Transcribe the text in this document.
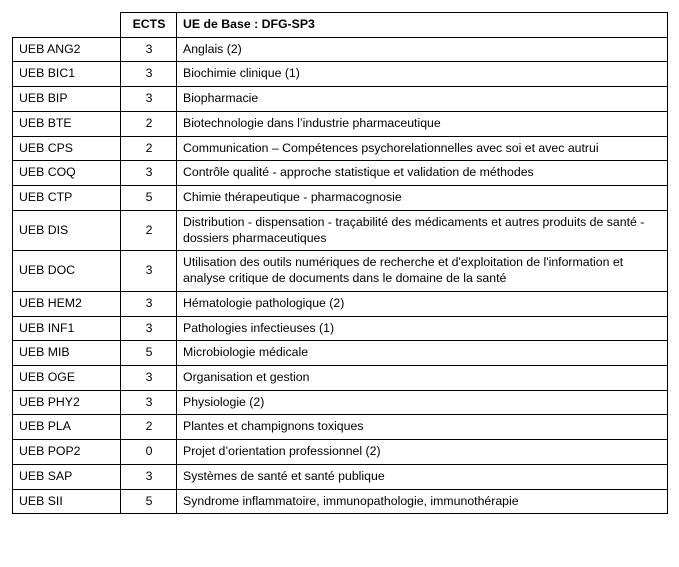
	ECTS	UE de Base : DFG-SP3
UEB ANG2	3	Anglais (2)
UEB BIC1	3	Biochimie clinique (1)
UEB BIP	3	Biopharmacie
UEB BTE	2	Biotechnologie dans l’industrie pharmaceutique
UEB CPS	2	Communication – Compétences psychorelationnelles avec soi et avec autrui
UEB COQ	3	Contrôle qualité - approche statistique et validation de méthodes
UEB CTP	5	Chimie thérapeutique - pharmacognosie
UEB DIS	2	Distribution - dispensation - traçabilité des médicaments et autres produits de santé - dossiers pharmaceutiques
UEB DOC	3	Utilisation des outils numériques de recherche et d'exploitation de l'information et analyse critique de documents dans le domaine de la santé
UEB HEM2	3	Hématologie pathologique (2)
UEB INF1	3	Pathologies infectieuses (1)
UEB MIB	5	Microbiologie médicale
UEB OGE	3	Organisation et gestion
UEB PHY2	3	Physiologie (2)
UEB PLA	2	Plantes et champignons toxiques
UEB POP2	0	Projet d’orientation professionnel (2)
UEB SAP	3	Systèmes de santé et santé publique
UEB SII	5	Syndrome inflammatoire, immunopathologie, immunothérapie
